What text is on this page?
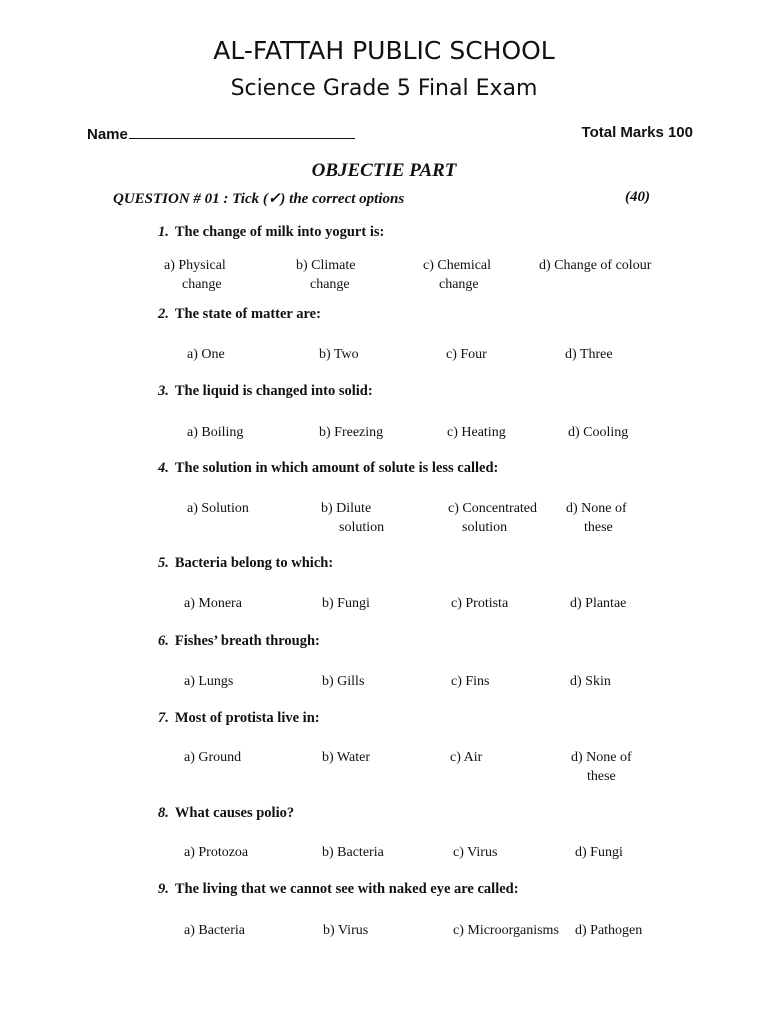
AL-FATTAH PUBLIC SCHOOL
Science Grade 5 Final Exam
Name	Total Marks 100
OBJECTIE PART
QUESTION # 01 : Tick (✓) the correct options	(40)
1. The change of milk into yogurt is:
a) Physical
change
b) Climate
change
c) Chemical
change
d) Change of colour
2. The state of matter are:
a) One	b) Two	c) Four	d) Three
3. The liquid is changed into solid:
a) Boiling	b) Freezing	c) Heating	d) Cooling
4. The solution in which amount of solute is less called:
a) Solution	b) Dilute
solution
c) Concentrated
solution
d) None of
these
5. Bacteria belong to which:
a) Monera	b) Fungi	c) Protista	d) Plantae
6. Fishes’ breath through:
a) Lungs	b) Gills	c) Fins	d) Skin
7. Most of protista live in:
a) Ground	b) Water	c) Air	d) None of
these
8. What causes polio?
a) Protozoa	b) Bacteria	c) Virus	d) Fungi
9. The living that we cannot see with naked eye are called:
a) Bacteria	b) Virus	c) Microorganisms d) Pathogen
